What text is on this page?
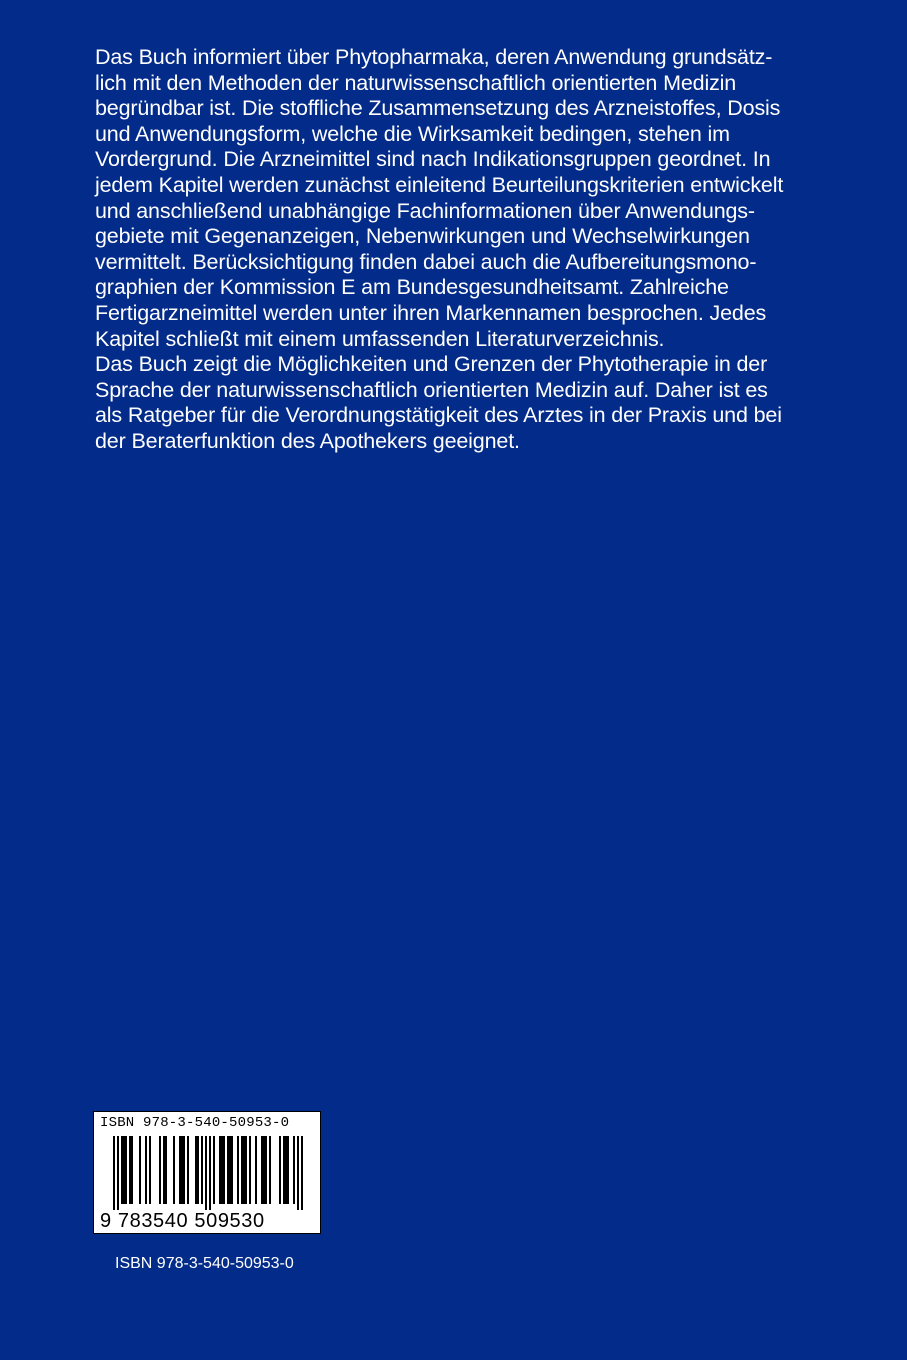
Das Buch informiert über Phytopharmaka, deren Anwendung grundsätz-
lich mit den Methoden der naturwissenschaftlich orientierten Medizin
begründbar ist. Die stoffliche Zusammensetzung des Arzneistoffes, Dosis
und Anwendungsform, welche die Wirksamkeit bedingen, stehen im
Vordergrund. Die Arzneimittel sind nach Indikationsgruppen geordnet. In
jedem Kapitel werden zunächst einleitend Beurteilungskriterien entwickelt
und anschließend unabhängige Fachinformationen über Anwendungs-
gebiete mit Gegenanzeigen, Nebenwirkungen und Wechselwirkungen
vermittelt. Berücksichtigung finden dabei auch die Aufbereitungsmono-
graphien der Kommission E am Bundesgesundheitsamt. Zahlreiche
Fertigarzneimittel werden unter ihren Markennamen besprochen. Jedes
Kapitel schließt mit einem umfassenden Literaturverzeichnis.
Das Buch zeigt die Möglichkeiten und Grenzen der Phytotherapie in der
Sprache der naturwissenschaftlich orientierten Medizin auf. Daher ist es
als Ratgeber für die Verordnungstätigkeit des Arztes in der Praxis und bei
der Beraterfunktion des Apothekers geeignet.
ISBN 978-3-540-50953-0
9 783540 509530
ISBN 978-3-540-50953-0
